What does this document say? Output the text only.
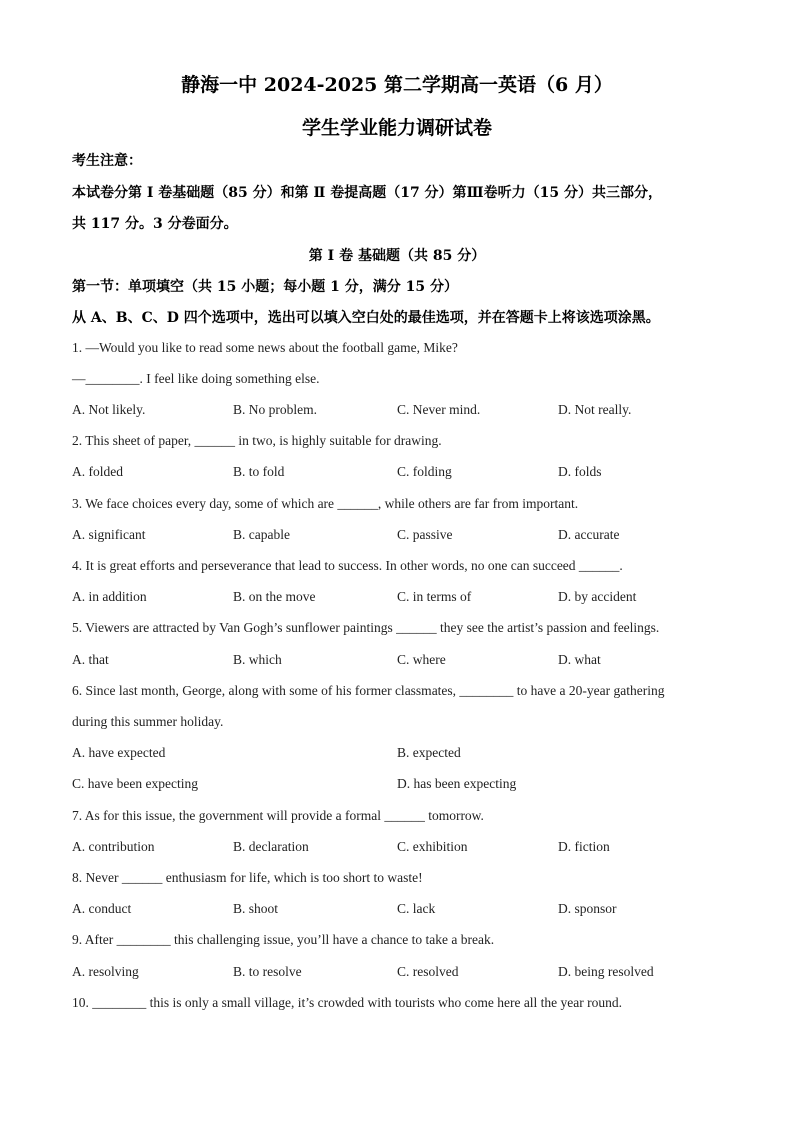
静海一中 2024-2025 第二学期高一英语（6 月）
学生学业能力调研试卷
考生注意：
本试卷分第 Ⅰ 卷基础题（85 分）和第 Ⅱ 卷提高题（17 分）第Ⅲ卷听力（15 分）共三部分，
共 117 分。3 分卷面分。
第 I 卷 基础题（共 85 分）
第一节：单项填空（共 15 小题；每小题 1 分，满分 15 分）
从 A、B、C、D 四个选项中，选出可以填入空白处的最佳选项，并在答题卡上将该选项涂黑。
1. —Would you like to read some news about the football game, Mike?
—________. I feel like doing something else.
A. Not likely.	B. No problem.	C. Never mind.	D. Not really.
2. This sheet of paper, ______ in two, is highly suitable for drawing.
A. folded	B. to fold	C. folding	D. folds
3. We face choices every day, some of which are ______, while others are far from important.
A. significant	B. capable	C. passive	D. accurate
4. It is great efforts and perseverance that lead to success. In other words, no one can succeed ______.
A. in addition	B. on the move	C. in terms of	D. by accident
5. Viewers are attracted by Van Gogh’s sunflower paintings ______ they see the artist’s passion and feelings.
A. that	B. which	C. where	D. what
6. Since last month, George, along with some of his former classmates, ________ to have a 20-year gathering
during this summer holiday.
A. have expected	B. expected
C. have been expecting	D. has been expecting
7. As for this issue, the government will provide a formal ______ tomorrow.
A. contribution	B. declaration	C. exhibition	D. fiction
8. Never ______ enthusiasm for life, which is too short to waste!
A. conduct	B. shoot	C. lack	D. sponsor
9. After ________ this challenging issue, you’ll have a chance to take a break.
A. resolving	B. to resolve	C. resolved	D. being resolved
10. ________ this is only a small village, it’s crowded with tourists who come here all the year round.
